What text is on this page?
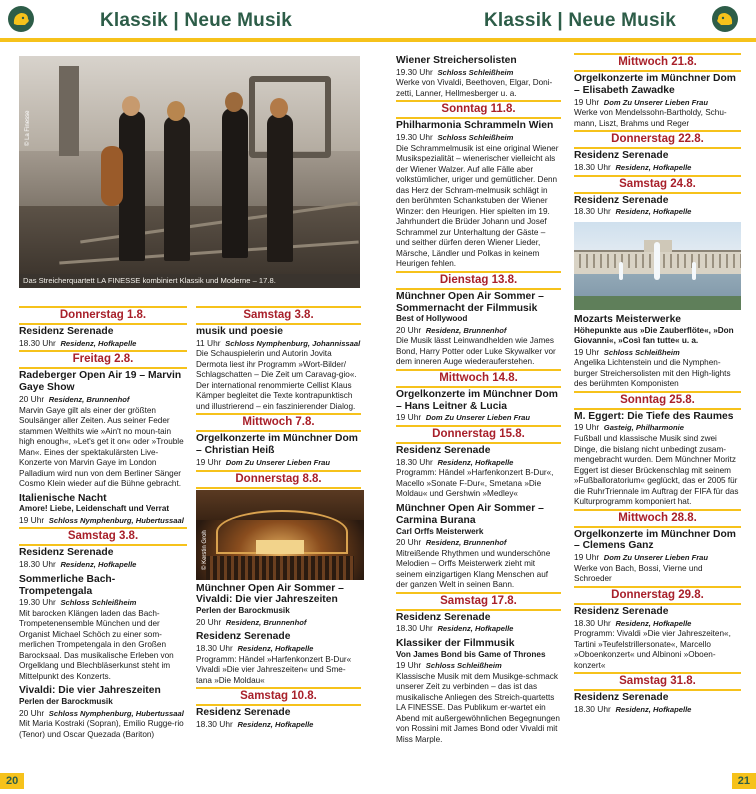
Klassik | Neue Musik	Klassik | Neue Musik
© La Finesse
Das Streicherquartett LA FINESSE kombiniert Klassik und Moderne – 17.8.
Donnerstag 1.8.
Residenz Serenade
18.30 Uhr Residenz, Hofkapelle
Freitag 2.8.
Radeberger Open Air 19 – Marvin Gaye Show
20 Uhr Residenz, Brunnenhof
Marvin Gaye gilt als einer der größten Soulsänger aller Zeiten. Aus seiner Feder stammen Welthits wie »Ain't no moun-tain high enough«, »Let's get it on« oder »Trouble Man«. Eines der spektakulärsten Live-Konzerte von Marvin Gaye im London Palladium wird nun von dem Berliner Sänger Cosmo Klein wieder auf die Bühne gebracht.
Italienische Nacht
Amore! Liebe, Leidenschaft und Verrat
19 Uhr Schloss Nymphenburg, Hubertussaal
Samstag 3.8.
Residenz Serenade
18.30 Uhr Residenz, Hofkapelle
Sommerliche Bach-Trompetengala
19.30 Uhr Schloss Schleißheim
Mit barocken Klängen laden das Bach-Trompetenensemble München und der Organist Michael Schöch zu einer som-merlichen Trompetengala in den Großen Barocksaal. Das musikalische Erleben von Orgelklang und Blechbläserkunst steht im Mittelpunkt des Konzerts.
Vivaldi: Die vier Jahreszeiten
Perlen der Barockmusik
20 Uhr Schloss Nymphenburg, Hubertussaal
Mit Maria Kostraki (Sopran), Emilio Rugge-rio (Tenor) und Oscar Quezada (Bariton)
Samstag 3.8.
musik und poesie
11 Uhr Schloss Nymphenburg, Johannissaal
Die Schauspielerin und Autorin Jovita Dermota liest ihr Programm »Wort-Bilder/ Schlagschatten – Die Zeit um Caravag-gio«. Der international renommierte Cellist Klaus Kämper begleitet die Texte kontrapunktisch und illustrierend – ein faszinierender Dialog.
Mittwoch 7.8.
Orgelkonzerte im Münchner Dom – Christian Heiß
19 Uhr Dom Zu Unserer Lieben Frau
Donnerstag 8.8.
© Kerstin Groh
Münchner Open Air Sommer – Vivaldi: Die vier Jahreszeiten
Perlen der Barockmusik
20 Uhr Residenz, Brunnenhof
Residenz Serenade
18.30 Uhr Residenz, Hofkapelle
Programm: Händel »Harfenkonzert B-Dur« Vivaldi »Die vier Jahreszeiten« und Sme-tana »Die Moldau«
Samstag 10.8.
Residenz Serenade
18.30 Uhr Residenz, Hofkapelle
Wiener Streichersolisten
19.30 Uhr Schloss Schleißheim
Werke von Vivaldi, Beethoven, Elgar, Doni-zetti, Lanner, Hellmesberger u. a.
Sonntag 11.8.
Philharmonia Schrammeln Wien
19.30 Uhr Schloss Schleißheim
Die Schrammelmusik ist eine original Wiener Musikspezialität – wienerischer vielleicht als der Wiener Walzer. Auf alle Fälle aber volkstümlicher, uriger und gemütlicher. Denn das Herz der Schram-melmusik schlägt in den berühmten Schankstuben der Wiener Winzer: den Heurigen. Hier spielten im 19. Jahrhundert die Brüder Johann und Josef Schrammel zur Unterhaltung der Gäste – und seither dürfen deren Wiener Lieder, Märsche, Ländler und Polkas in keinem Heurigen fehlen.
Dienstag 13.8.
Münchner Open Air Sommer – Sommernacht der Filmmusik
Best of Hollywood
20 Uhr Residenz, Brunnenhof
Die Musik lässt Leinwandhelden wie James Bond, Harry Potter oder Luke Skywalker vor dem inneren Auge wiederauferstehen.
Mittwoch 14.8.
Orgelkonzerte im Münchner Dom – Hans Leitner & Lucia
19 Uhr Dom Zu Unserer Lieben Frau
Donnerstag 15.8.
Residenz Serenade
18.30 Uhr Residenz, Hofkapelle
Programm: Händel »Harfenkonzert B-Dur«, Macello »Sonate F-Dur«, Smetana »Die Moldau« und Gershwin »Medley«
Münchner Open Air Sommer – Carmina Burana
Carl Orffs Meisterwerk
20 Uhr Residenz, Brunnenhof
Mitreißende Rhythmen und wunderschöne Melodien – Orffs Meisterwerk zieht mit seinem einzigartigen Klang Menschen auf der ganzen Welt in seinen Bann.
Samstag 17.8.
Residenz Serenade
18.30 Uhr Residenz, Hofkapelle
Klassiker der Filmmusik
Von James Bond bis Game of Thrones
19 Uhr Schloss Schleißheim
Klassische Musik mit dem Musikge-schmack unserer Zeit zu verbinden – das ist das musikalische Anliegen des Streich-quartetts LA FINESSE. Das Publikum er-wartet ein Abend mit außergewöhnlichen Begegnungen von Rossini mit James Bond oder Vivaldi mit Miss Marple.
Mittwoch 21.8.
Orgelkonzerte im Münchner Dom – Elisabeth Zawadke
19 Uhr Dom Zu Unserer Lieben Frau
Werke von Mendelssohn-Bartholdy, Schu-mann, Liszt, Brahms und Reger
Donnerstag 22.8.
Residenz Serenade
18.30 Uhr Residenz, Hofkapelle
Samstag 24.8.
Residenz Serenade
18.30 Uhr Residenz, Hofkapelle
Mozarts Meisterwerke
Höhepunkte aus »Die Zauberflöte«, »Don Giovanni«, »Così fan tutte« u. a.
19 Uhr Schloss Schleißheim
Angelika Lichtenstein und die Nymphen-burger Streichersolisten mit den High-lights des berühmten Komponisten
Sonntag 25.8.
M. Eggert: Die Tiefe des Raumes
19 Uhr Gasteig, Philharmonie
Fußball und klassische Musik sind zwei Dinge, die bislang nicht unbedingt zusam-mengebracht wurden. Dem Münchner Moritz Eggert ist dieser Brückenschlag mit seinem »Fußballoratorium« geglückt, das er 2005 für die RuhrTriennale im Auftrag der FIFA für das Kulturprogramm komponiert hat.
Mittwoch 28.8.
Orgelkonzerte im Münchner Dom – Clemens Ganz
19 Uhr Dom Zu Unserer Lieben Frau
Werke von Bach, Bossi, Vierne und Schroeder
Donnerstag 29.8.
Residenz Serenade
18.30 Uhr Residenz, Hofkapelle
Programm: Vivaldi »Die vier Jahreszeiten«, Tartini »Teufelstrillersonate«, Marcello »Oboenkonzert« und Albinoni »Oboen-konzert«
Samstag 31.8.
Residenz Serenade
18.30 Uhr Residenz, Hofkapelle
20	21
